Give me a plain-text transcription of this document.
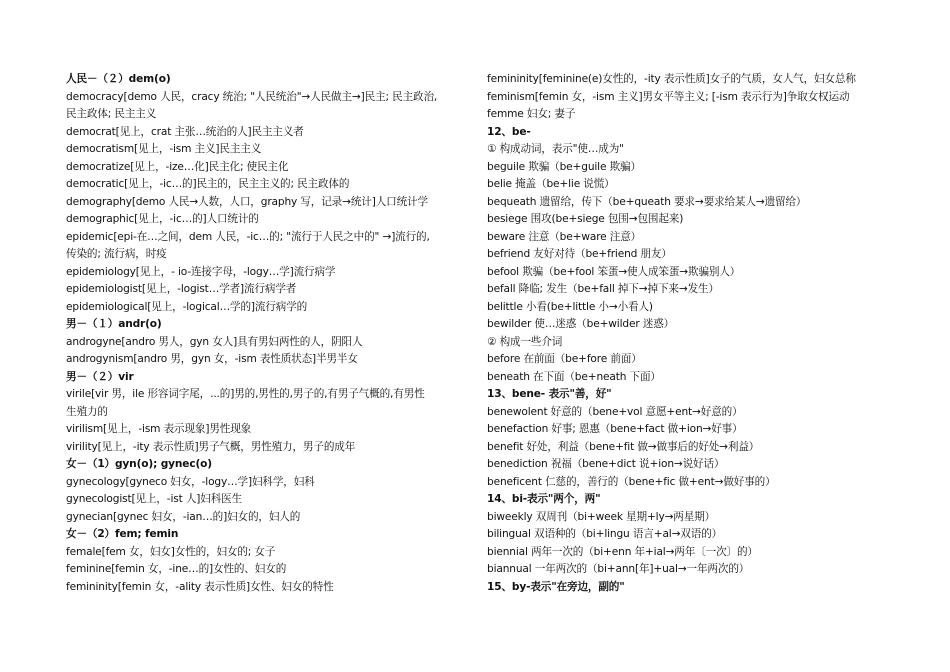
人民－（２）dem(o)
democracy[demo 人民，cracy 统治; "人民统治"→人民做主→]民主; 民主政治,
民主政体; 民主主义
democrat[见上，crat 主张…统治的人]民主主义者
democratism[见上，-ism 主义]民主主义
democratize[见上，-ize…化]民主化; 使民主化
democratic[见上，-ic…的]民主的，民主主义的; 民主政体的
demography[demo 人民→人数，人口，graphy 写，记录→统计]人口统计学
demographic[见上，-ic…的]人口统计的
epidemic[epi-在…之间，dem 人民，-ic…的; "流行于人民之中的" →]流行的,
传染的; 流行病，时疫
epidemiology[见上，- io-连接字母，-logy…学]流行病学
epidemiologist[见上，-logist…学者]流行病学者
epidemiological[见上，-logical…学的]流行病学的
男－（１）andr(o)
androgyne[andro 男人，gyn 女人]具有男妇两性的人，阴阳人
androgynism[andro 男，gyn 女，-ism 表性质状态]半男半女
男－（２）vir
virile[vir 男，ile 形容词字尾，...的]男的,男性的,男子的,有男子气概的,有男性
生殖力的
virilism[见上，-ism 表示现象]男性现象
virility[见上，-ity 表示性质]男子气概，男性殖力，男子的成年
女－（1）gyn(o); gynec(o)
gynecology[gyneco 妇女，-logy…学]妇科学，妇科
gynecologist[见上，-ist 人]妇科医生
gynecian[gynec 妇女，-ian…的]妇女的，妇人的
女－（2）fem; femin
female[fem 女，妇女]女性的，妇女的; 女子
feminine[femin 女，-ine…的]女性的、妇女的
femininity[femin 女，-ality 表示性质]女性、妇女的特性
femininity[feminine(e)女性的，-ity 表示性质]女子的气质，女人气，妇女总称
feminism[femin 女，-ism 主义]男女平等主义; [-ism 表示行为]争取女权运动
femme 妇女; 妻子
12、be-
① 构成动词，表示"使…成为"
beguile 欺骗（be+guile 欺骗）
belie 掩盖（be+lie 说慌）
bequeath 遗留给，传下（be+queath 要求→要求给某人→遗留给）
besiege 围攻(be+siege 包围→包围起来)
beware 注意（be+ware 注意）
befriend 友好对待（be+friend 朋友）
befool 欺骗（be+fool 笨蛋→使人成笨蛋→欺骗别人）
befall 降临; 发生（be+fall 掉下→掉下来→发生）
belittle 小看(be+little 小→小看人)
bewilder 使…迷惑（be+wilder 迷惑）
② 构成一些介词
before 在前面（be+fore 前面）
beneath 在下面（be+neath 下面）
13、bene- 表示"善，好"
benewolent 好意的（bene+vol 意愿+ent→好意的）
benefaction 好事; 恩惠（bene+fact 做+ion→好事）
benefit 好处，利益（bene+fit 做→做事后的好处→利益）
benediction 祝福（bene+dict 说+ion→说好话）
beneficent 仁慈的，善行的（bene+fic 做+ent→做好事的）
14、bi-表示"两个，两"
biweekly 双周刊（bi+week 星期+ly→两星期）
bilingual 双语种的（bi+lingu 语言+al→双语的）
biennial 两年一次的（bi+enn 年+ial→两年〔一次〕的）
biannual 一年两次的（bi+ann[年]+ual→一年两次的）
15、by-表示"在旁边，副的"
